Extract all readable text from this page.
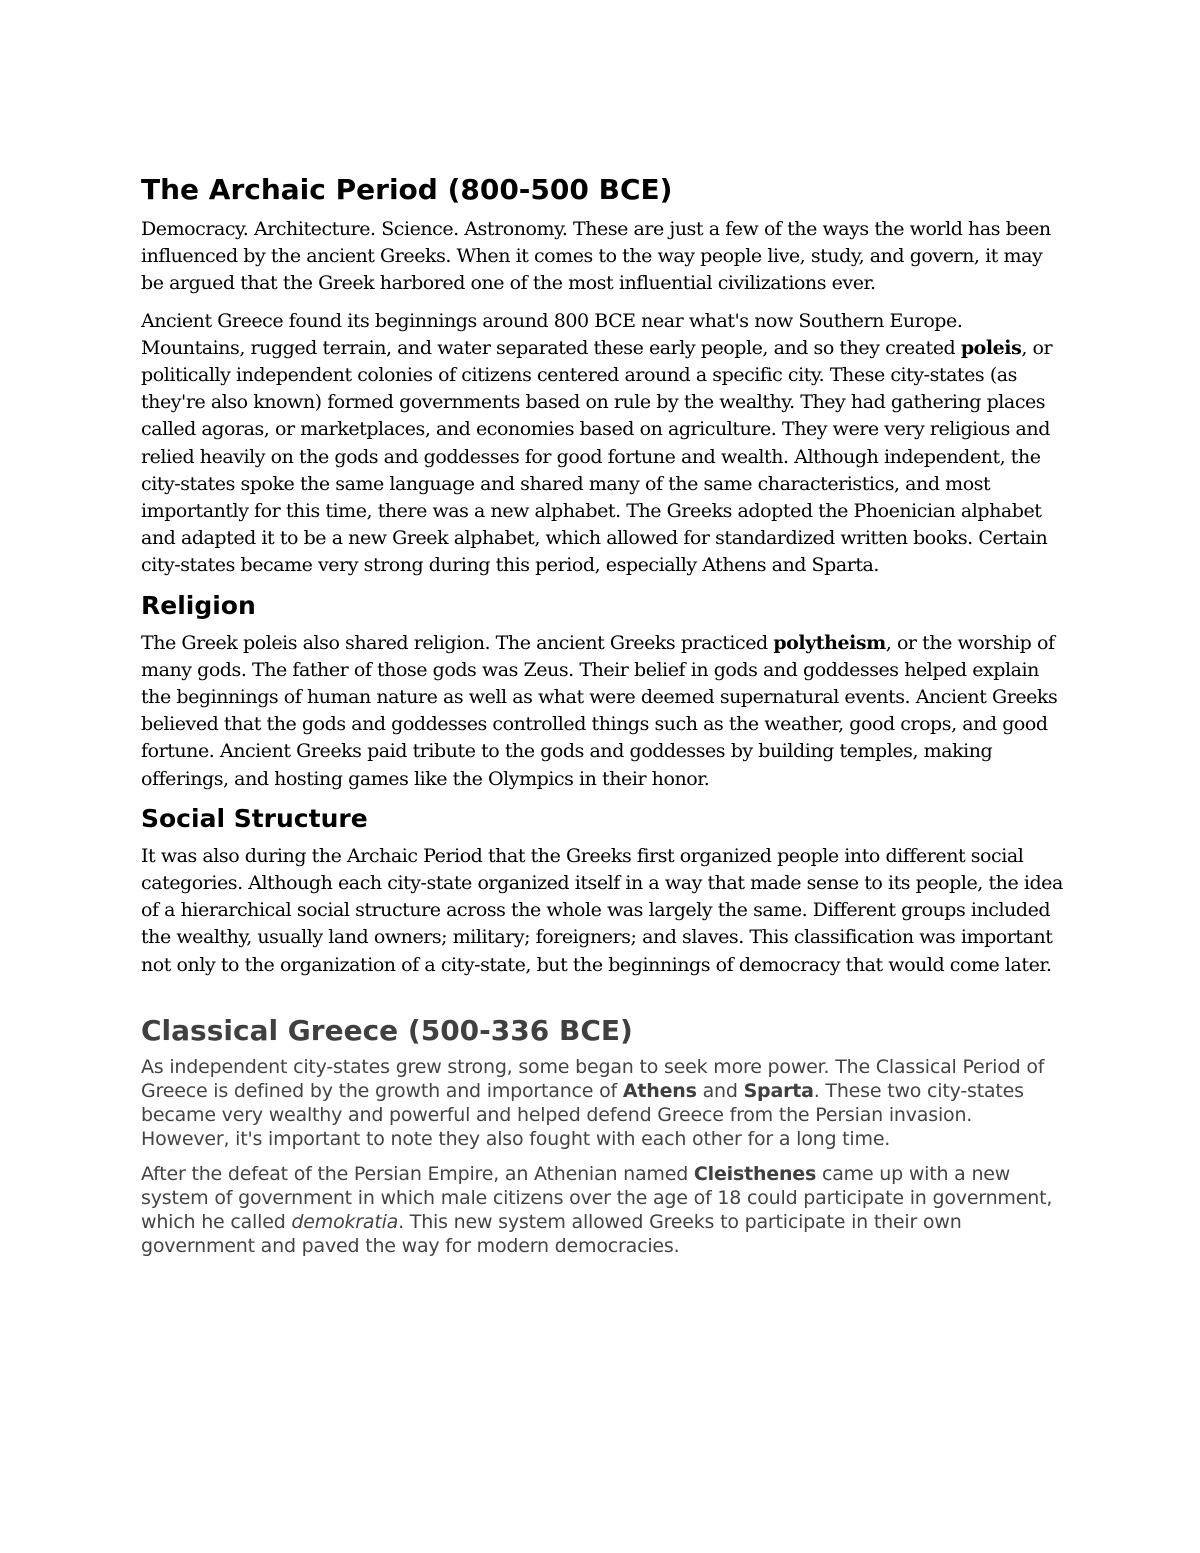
The Archaic Period (800-500 BCE)

Democracy. Architecture. Science. Astronomy. These are just a few of the ways the world has been influenced by the ancient Greeks. When it comes to the way people live, study, and govern, it may be argued that the Greek harbored one of the most influential civilizations ever.

Ancient Greece found its beginnings around 800 BCE near what's now Southern Europe. Mountains, rugged terrain, and water separated these early people, and so they created poleis, or politically independent colonies of citizens centered around a specific city. These city-states (as they're also known) formed governments based on rule by the wealthy. They had gathering places called agoras, or marketplaces, and economies based on agriculture. They were very religious and relied heavily on the gods and goddesses for good fortune and wealth. Although independent, the city-states spoke the same language and shared many of the same characteristics, and most importantly for this time, there was a new alphabet. The Greeks adopted the Phoenician alphabet and adapted it to be a new Greek alphabet, which allowed for standardized written books. Certain city-states became very strong during this period, especially Athens and Sparta.

Religion

The Greek poleis also shared religion. The ancient Greeks practiced polytheism, or the worship of many gods. The father of those gods was Zeus. Their belief in gods and goddesses helped explain the beginnings of human nature as well as what were deemed supernatural events. Ancient Greeks believed that the gods and goddesses controlled things such as the weather, good crops, and good fortune. Ancient Greeks paid tribute to the gods and goddesses by building temples, making offerings, and hosting games like the Olympics in their honor.

Social Structure

It was also during the Archaic Period that the Greeks first organized people into different social categories. Although each city-state organized itself in a way that made sense to its people, the idea of a hierarchical social structure across the whole was largely the same. Different groups included the wealthy, usually land owners; military; foreigners; and slaves. This classification was important not only to the organization of a city-state, but the beginnings of democracy that would come later.

Classical Greece (500-336 BCE)

As independent city-states grew strong, some began to seek more power. The Classical Period of Greece is defined by the growth and importance of Athens and Sparta. These two city-states became very wealthy and powerful and helped defend Greece from the Persian invasion. However, it's important to note they also fought with each other for a long time.

After the defeat of the Persian Empire, an Athenian named Cleisthenes came up with a new system of government in which male citizens over the age of 18 could participate in government, which he called demokratia. This new system allowed Greeks to participate in their own government and paved the way for modern democracies.
